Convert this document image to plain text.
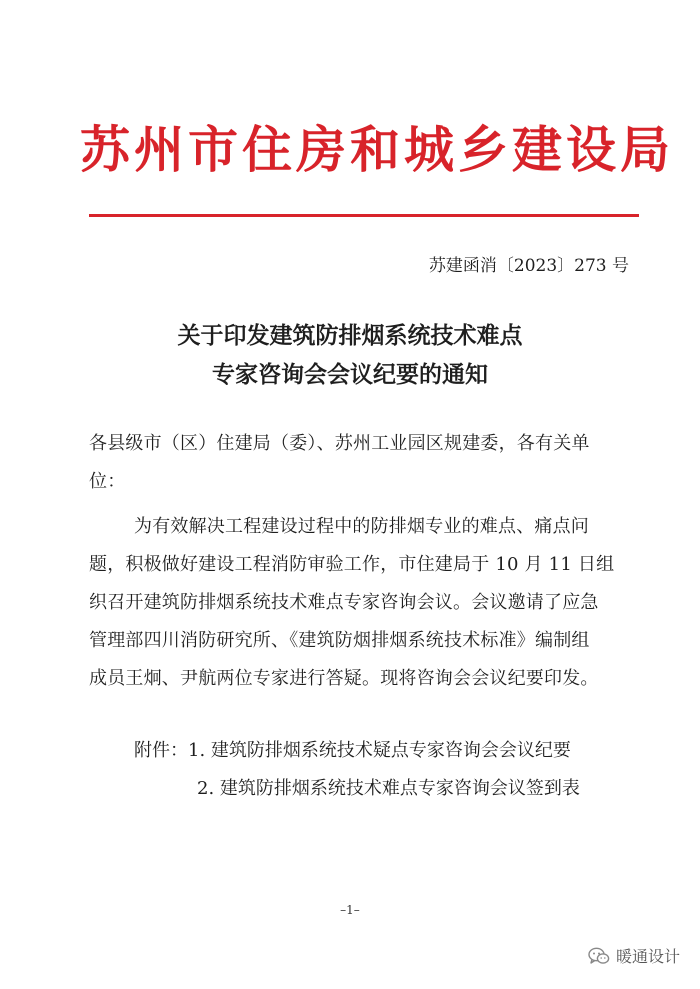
苏州市住房和城乡建设局
苏建函消〔2023〕273 号
关于印发建筑防排烟系统技术难点
专家咨询会会议纪要的通知
各县级市（区）住建局（委）、苏州工业园区规建委，各有关单
位：
为有效解决工程建设过程中的防排烟专业的难点、痛点问
题，积极做好建设工程消防审验工作，市住建局于 10 月 11 日组
织召开建筑防排烟系统技术难点专家咨询会议。会议邀请了应急
管理部四川消防研究所、《建筑防烟排烟系统技术标准》编制组
成员王炯、尹航两位专家进行答疑。现将咨询会会议纪要印发。
附件：1. 建筑防排烟系统技术疑点专家咨询会会议纪要
2. 建筑防排烟系统技术难点专家咨询会议签到表
–1–
暖通设计
